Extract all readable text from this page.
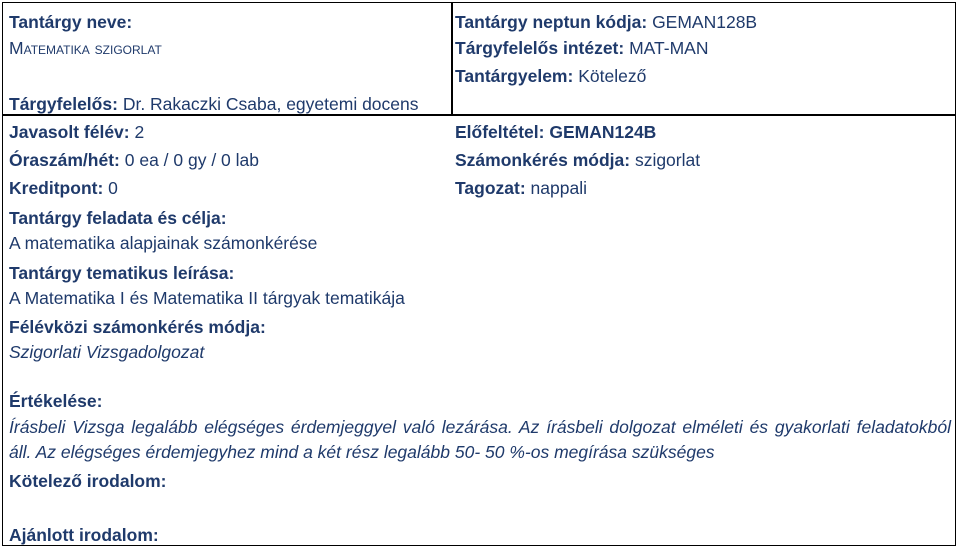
Tantárgy neve:
Matematika szigorlat
Tárgyfelelős: Dr. Rakaczki Csaba, egyetemi docens
Javasolt félév: 2
Óraszám/hét: 0 ea / 0 gy / 0 lab
Kreditpont: 0
Tantárgy neptun kódja: GEMAN128B
Tárgyfelelős intézet: MAT-MAN
Tantárgyelem: Kötelező
Előfeltétel: GEMAN124B
Számonkérés módja: szigorlat
Tagozat: nappali
Tantárgy feladata és célja:
A matematika alapjainak számonkérése
Tantárgy tematikus leírása:
A Matematika I és Matematika II tárgyak tematikája
Félévközi számonkérés módja:
Szigorlati Vizsgadolgozat
Értékelése:
Írásbeli Vizsga legalább elégséges érdemjeggyel való lezárása. Az írásbeli dolgozat elméleti és gyakorlati feladatokból áll. Az elégséges érdemjegyhez mind a két rész legalább 50- 50 %-os megírása szükséges
Kötelező irodalom:
Ajánlott irodalom:
